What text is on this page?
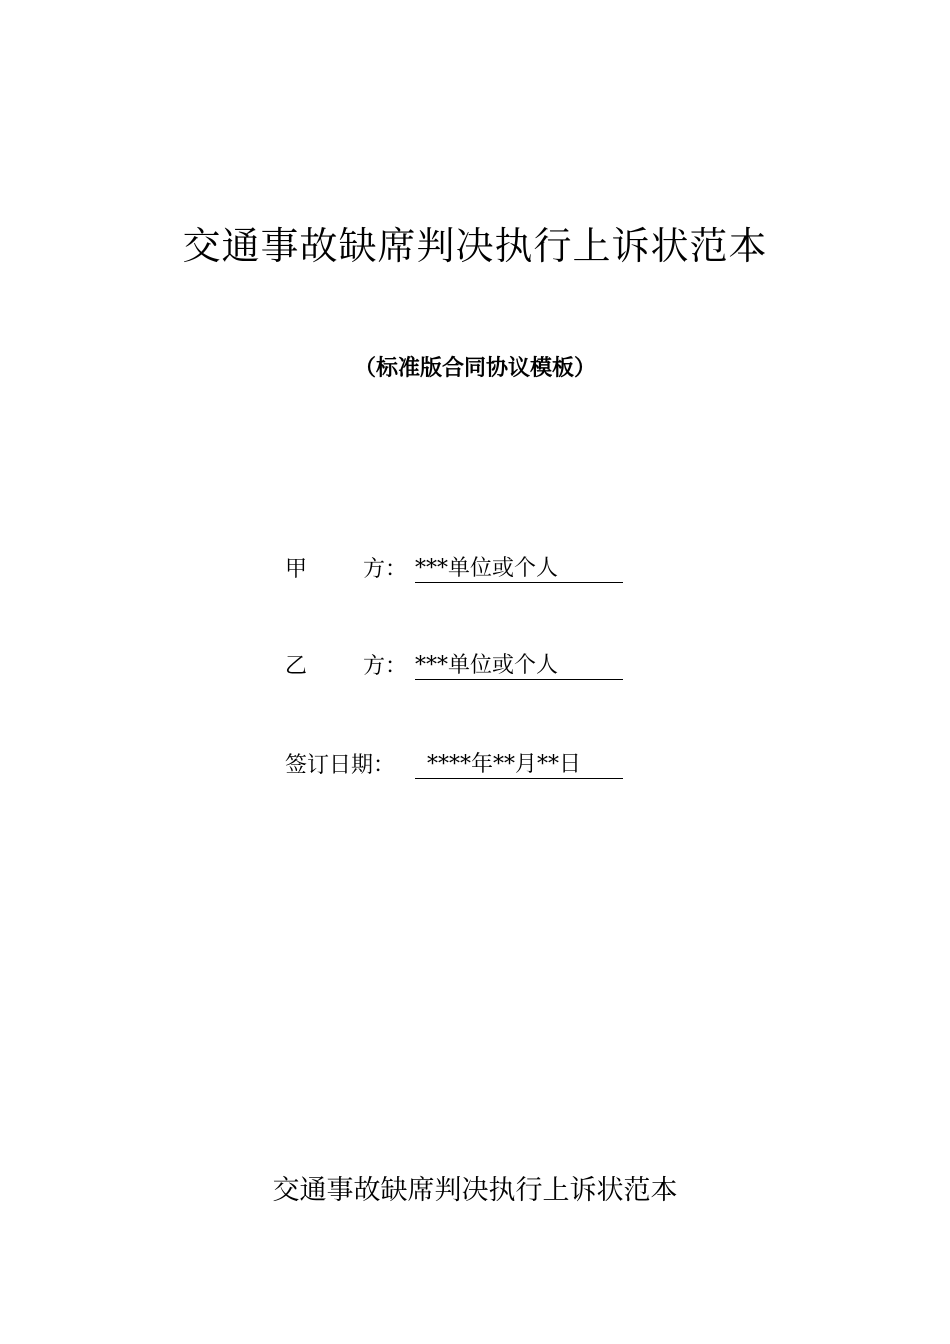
交通事故缺席判决执行上诉状范本
（标准版合同协议模板）
甲	方： ***单位或个人
乙	方： ***单位或个人
签订日期：	****年**月**日
交通事故缺席判决执行上诉状范本
